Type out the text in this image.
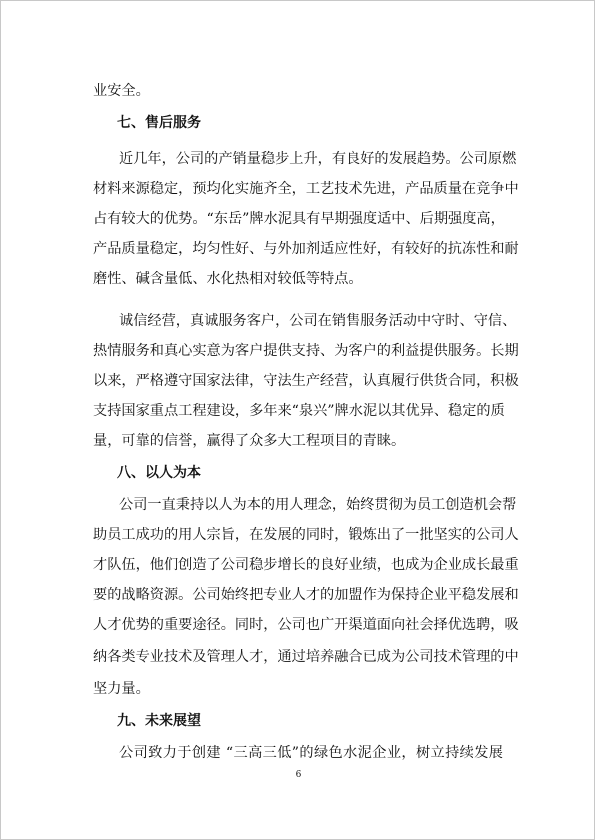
业安全。
七、售后服务
近几年，公司的产销量稳步上升，有良好的发展趋势。公司原燃
材料来源稳定，预均化实施齐全，工艺技术先进，产品质量在竞争中
占有较大的优势。“东岳”牌水泥具有早期强度适中、后期强度高，
产品质量稳定，均匀性好、与外加剂适应性好，有较好的抗冻性和耐
磨性、碱含量低、水化热相对较低等特点。
诚信经营，真诚服务客户，公司在销售服务活动中守时、守信、
热情服务和真心实意为客户提供支持、为客户的利益提供服务。长期
以来，严格遵守国家法律，守法生产经营，认真履行供货合同，积极
支持国家重点工程建设，多年来“泉兴”牌水泥以其优异、稳定的质
量，可靠的信誉，赢得了众多大工程项目的青睐。
八、以人为本
公司一直秉持以人为本的用人理念，始终贯彻为员工创造机会帮
助员工成功的用人宗旨，在发展的同时，锻炼出了一批坚实的公司人
才队伍，他们创造了公司稳步增长的良好业绩，也成为企业成长最重
要的战略资源。公司始终把专业人才的加盟作为保持企业平稳发展和
人才优势的重要途径。同时，公司也广开渠道面向社会择优选聘，吸
纳各类专业技术及管理人才，通过培养融合已成为公司技术管理的中
坚力量。
九、未来展望
公司致力于创建 “三高三低”的绿色水泥企业，树立持续发展
6
